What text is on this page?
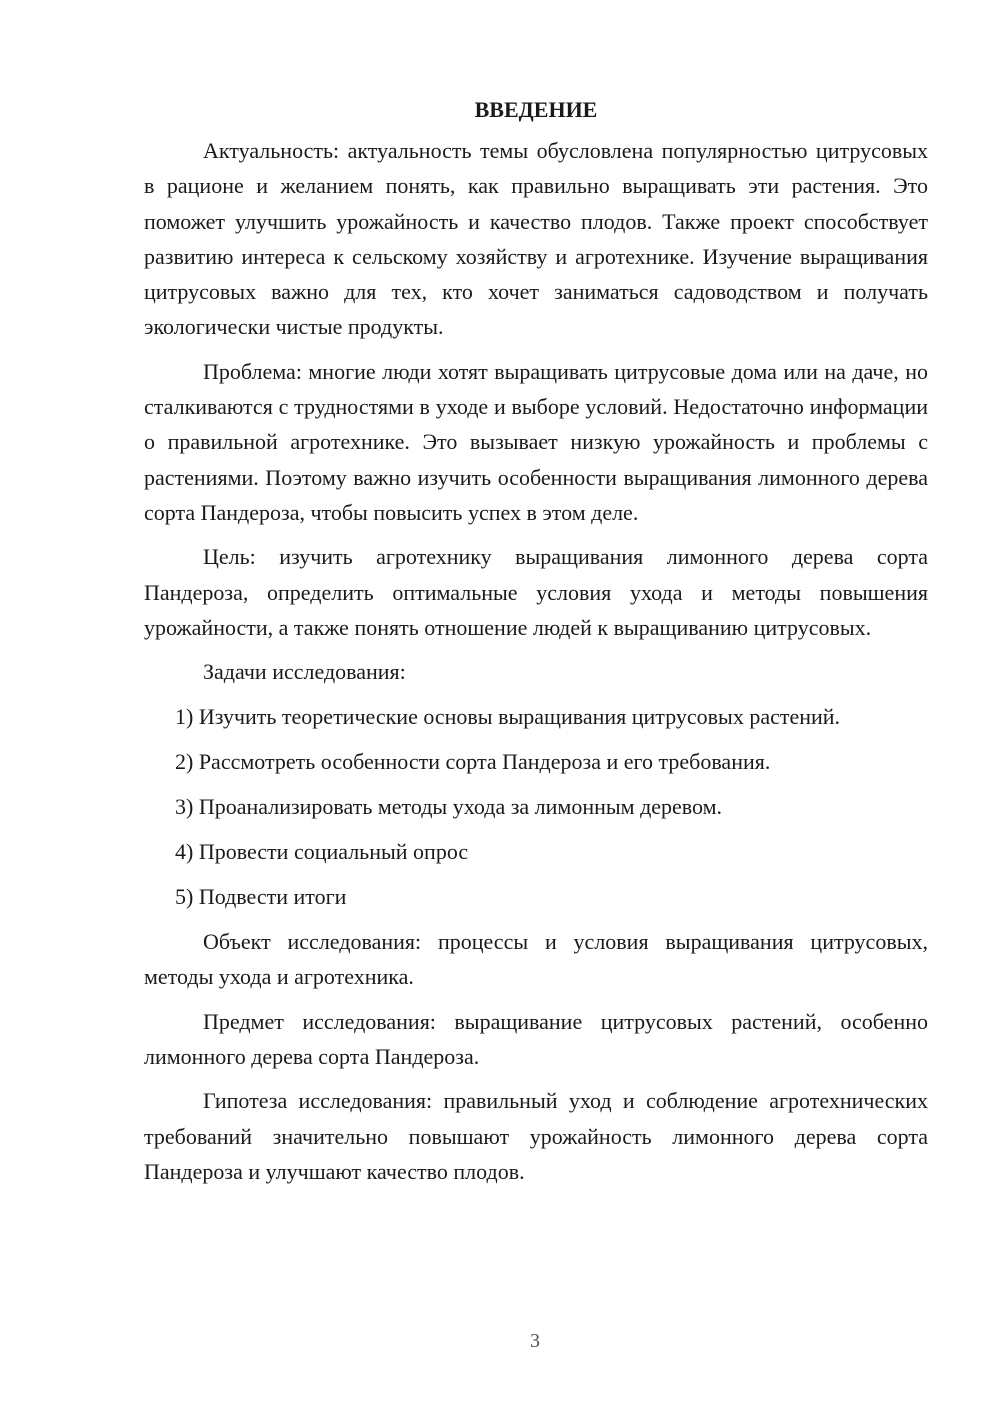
ВВЕДЕНИЕ

Актуальность: актуальность темы обусловлена популярностью цитрусовых в рационе и желанием понять, как правильно выращивать эти растения. Это поможет улучшить урожайность и качество плодов. Также проект способствует развитию интереса к сельскому хозяйству и агротехнике. Изучение выращивания цитрусовых важно для тех, кто хочет заниматься садоводством и получать экологически чистые продукты.

Проблема: многие люди хотят выращивать цитрусовые дома или на даче, но сталкиваются с трудностями в уходе и выборе условий. Недостаточно информации о правильной агротехнике. Это вызывает низкую урожайность и проблемы с растениями. Поэтому важно изучить особенности выращивания лимонного дерева сорта Пандероза, чтобы повысить успех в этом деле.

Цель: изучить агротехнику выращивания лимонного дерева сорта Пандероза, определить оптимальные условия ухода и методы повышения урожайности, а также понять отношение людей к выращиванию цитрусовых.

Задачи исследования:
1) Изучить теоретические основы выращивания цитрусовых растений.
2) Рассмотреть особенности сорта Пандероза и его требования.
3) Проанализировать методы ухода за лимонным деревом.
4) Провести социальный опрос
5) Подвести итоги

Объект исследования: процессы и условия выращивания цитрусовых, методы ухода и агротехника.

Предмет исследования: выращивание цитрусовых растений, особенно лимонного дерева сорта Пандероза.

Гипотеза исследования: правильный уход и соблюдение агротехнических требований значительно повышают урожайность лимонного дерева сорта Пандероза и улучшают качество плодов.

3
